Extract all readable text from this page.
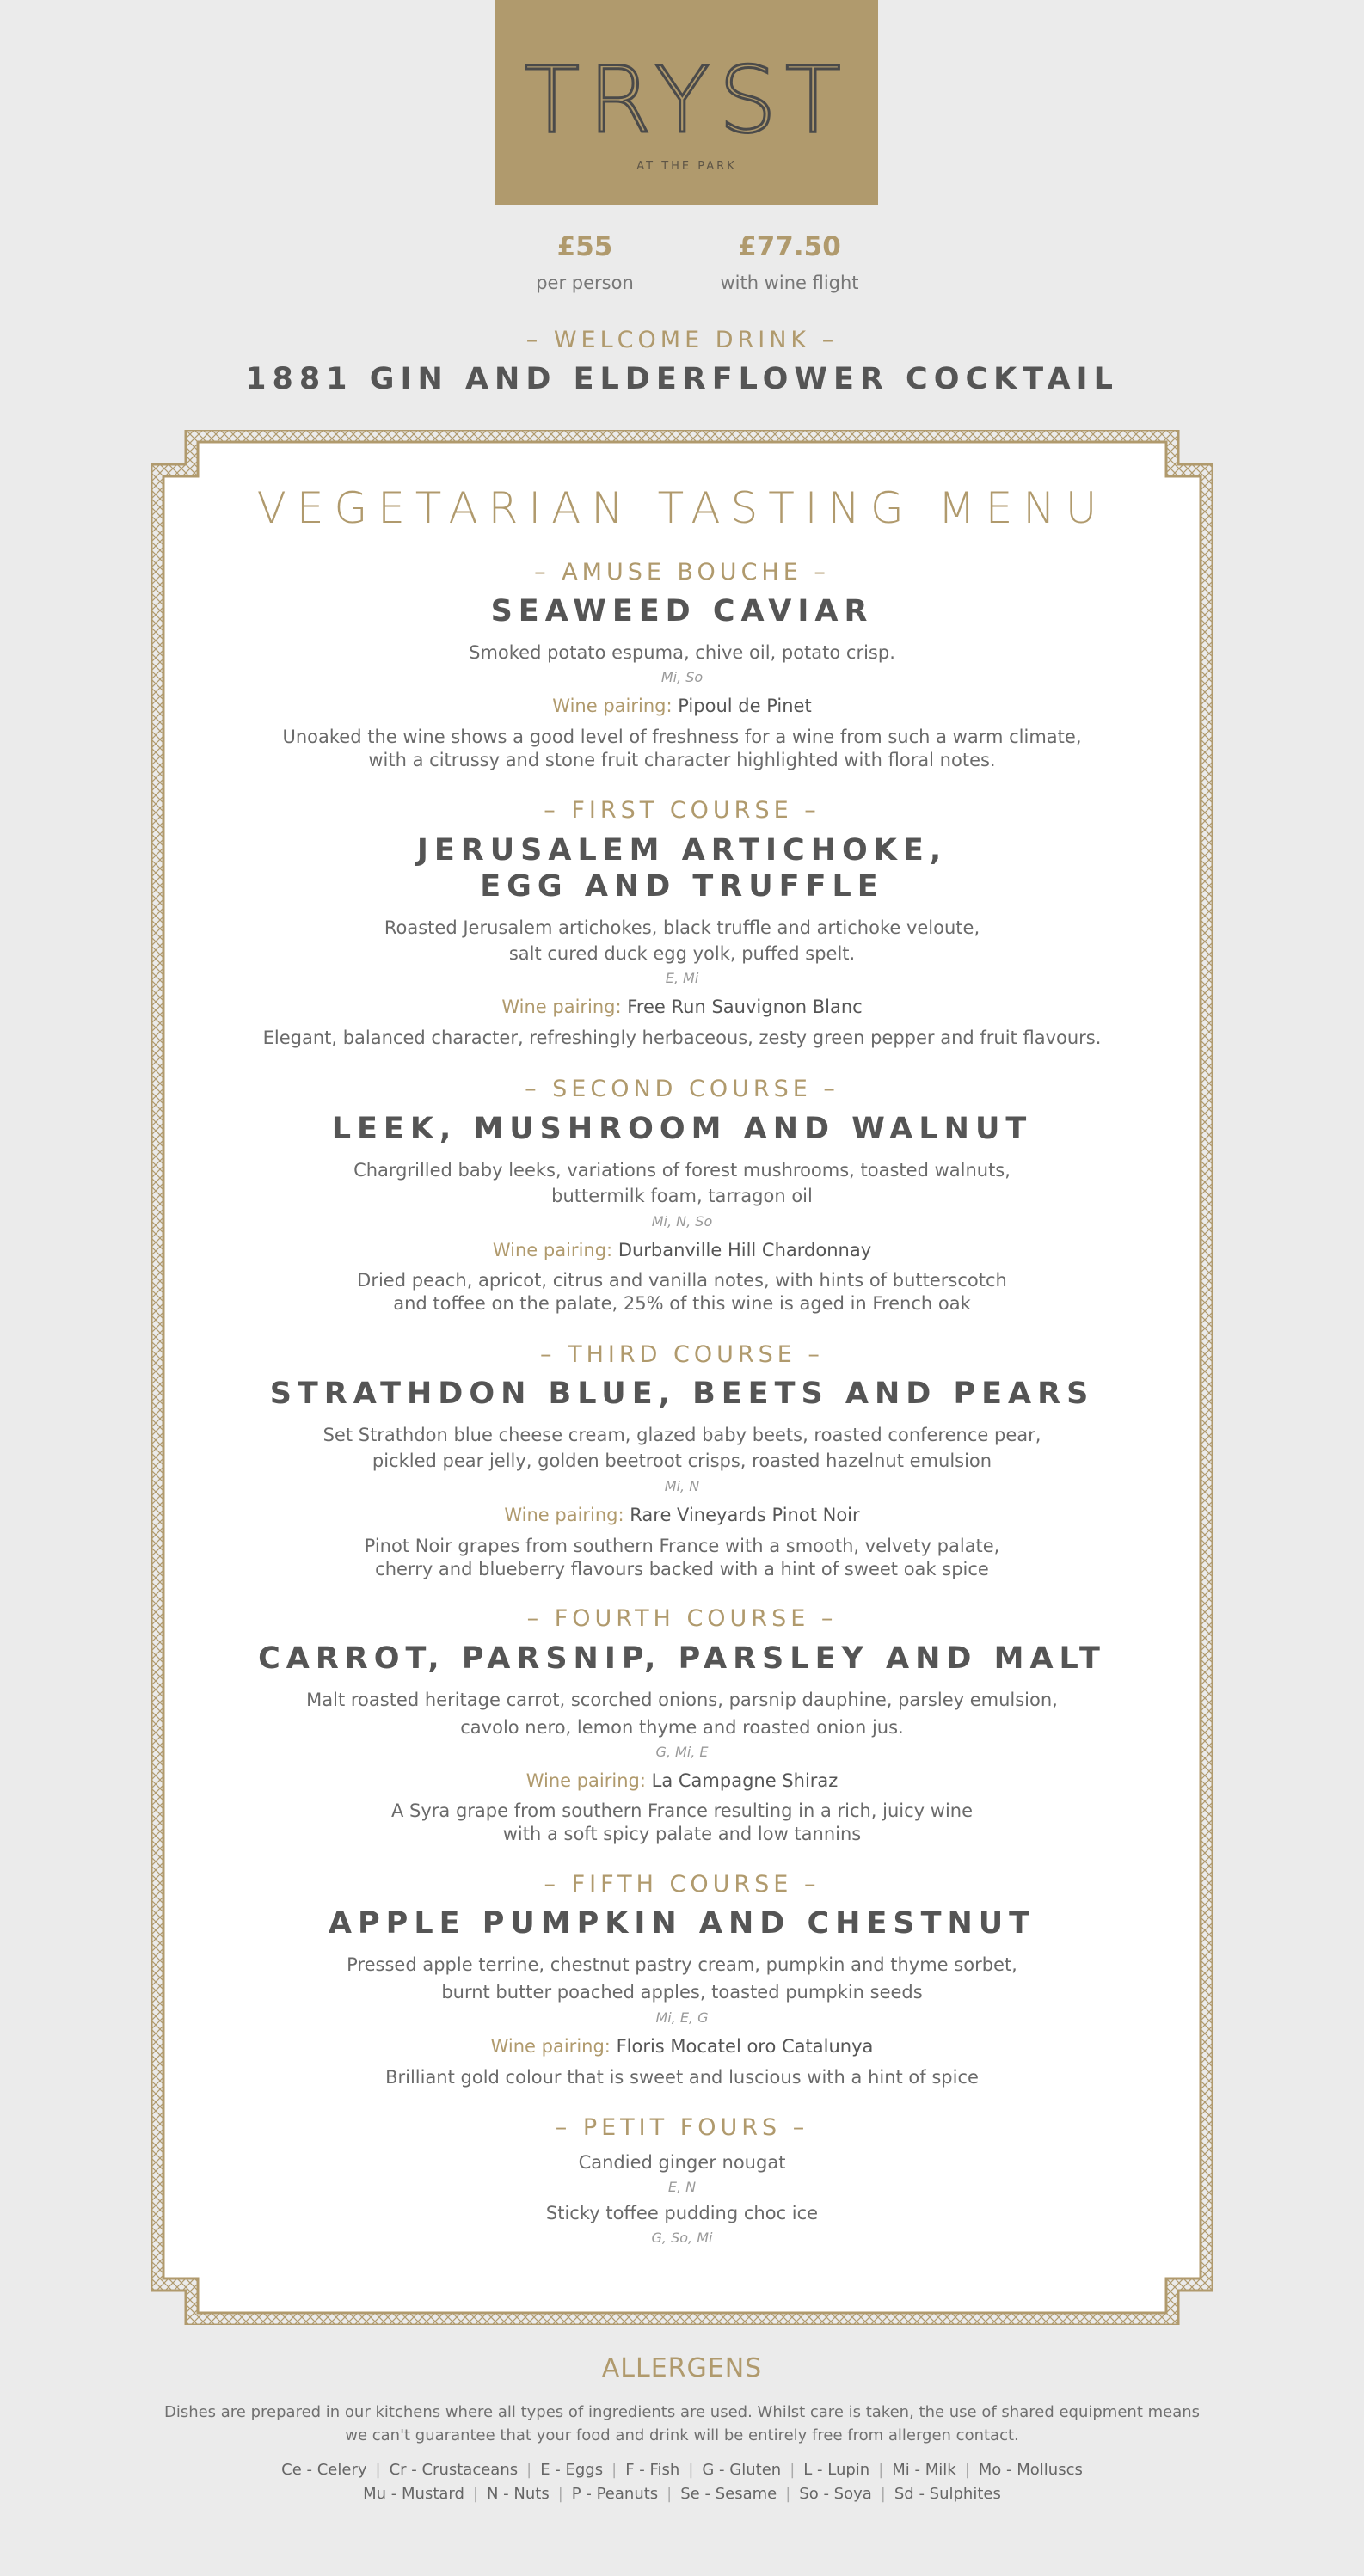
TRYST
AT THE PARK
£55
per person
£77.50
with wine flight
– WELCOME DRINK –
1881 GIN AND ELDERFLOWER COCKTAIL
VEGETARIAN TASTING MENU
– AMUSE BOUCHE –
SEAWEED CAVIAR
Smoked potato espuma, chive oil, potato crisp.
Mi, So
Wine pairing: Pipoul de Pinet
Unoaked the wine shows a good level of freshness for a wine from such a warm climate,
with a citrussy and stone fruit character highlighted with floral notes.
– FIRST COURSE –
JERUSALEM ARTICHOKE,
EGG AND TRUFFLE
Roasted Jerusalem artichokes, black truffle and artichoke veloute,
salt cured duck egg yolk, puffed spelt.
E, Mi
Wine pairing: Free Run Sauvignon Blanc
Elegant, balanced character, refreshingly herbaceous, zesty green pepper and fruit flavours.
– SECOND COURSE –
LEEK, MUSHROOM AND WALNUT
Chargrilled baby leeks, variations of forest mushrooms, toasted walnuts,
buttermilk foam, tarragon oil
Mi, N, So
Wine pairing: Durbanville Hill Chardonnay
Dried peach, apricot, citrus and vanilla notes, with hints of butterscotch
and toffee on the palate, 25% of this wine is aged in French oak
– THIRD COURSE –
STRATHDON BLUE, BEETS AND PEARS
Set Strathdon blue cheese cream, glazed baby beets, roasted conference pear,
pickled pear jelly, golden beetroot crisps, roasted hazelnut emulsion
Mi, N
Wine pairing: Rare Vineyards Pinot Noir
Pinot Noir grapes from southern France with a smooth, velvety palate,
cherry and blueberry flavours backed with a hint of sweet oak spice
– FOURTH COURSE –
CARROT, PARSNIP, PARSLEY AND MALT
Malt roasted heritage carrot, scorched onions, parsnip dauphine, parsley emulsion,
cavolo nero, lemon thyme and roasted onion jus.
G, Mi, E
Wine pairing: La Campagne Shiraz
A Syra grape from southern France resulting in a rich, juicy wine
with a soft spicy palate and low tannins
– FIFTH COURSE –
APPLE PUMPKIN AND CHESTNUT
Pressed apple terrine, chestnut pastry cream, pumpkin and thyme sorbet,
burnt butter poached apples, toasted pumpkin seeds
Mi, E, G
Wine pairing: Floris Mocatel oro Catalunya
Brilliant gold colour that is sweet and luscious with a hint of spice
– PETIT FOURS –
Candied ginger nougat
E, N
Sticky toffee pudding choc ice
G, So, Mi
ALLERGENS
Dishes are prepared in our kitchens where all types of ingredients are used. Whilst care is taken, the use of shared equipment means
we can't guarantee that your food and drink will be entirely free from allergen contact.
Ce - Celery | Cr - Crustaceans | E - Eggs | F - Fish | G - Gluten | L - Lupin | Mi - Milk | Mo - Molluscs
Mu - Mustard | N - Nuts | P - Peanuts | Se - Sesame | So - Soya | Sd - Sulphites
